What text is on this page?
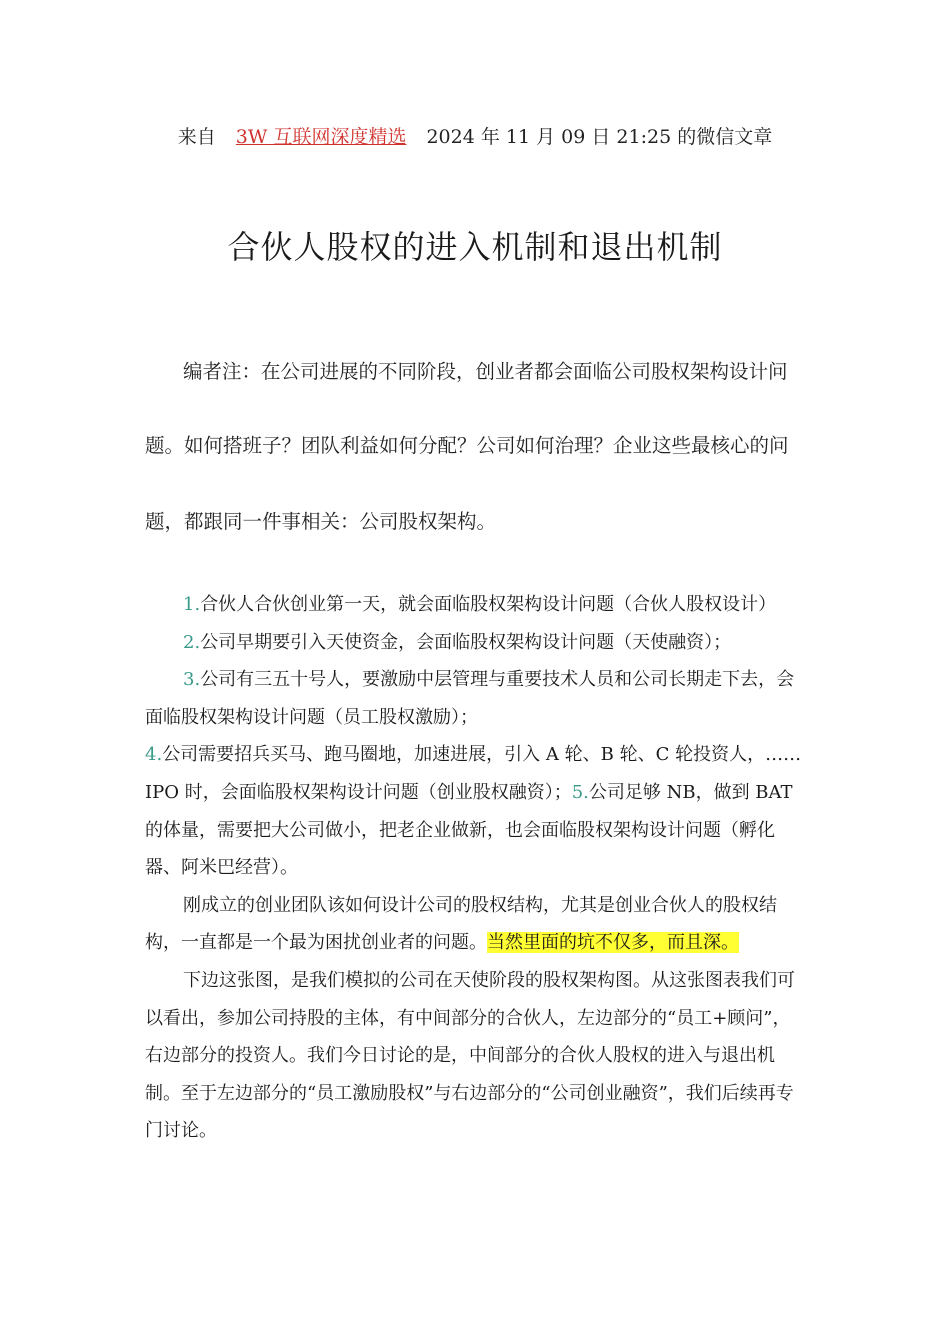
来自 3W 互联网深度精选 2024 年 11 月 09 日 21:25 的微信文章
合伙人股权的进入机制和退出机制
编者注：在公司进展的不同阶段，创业者都会面临公司股权架构设计问
题。如何搭班子？团队利益如何分配？公司如何治理？企业这些最核心的问
题，都跟同一件事相关：公司股权架构。

1.合伙人合伙创业第一天，就会面临股权架构设计问题（合伙人股权设计）

2.公司早期要引入天使资金，会面临股权架构设计问题（天使融资）；

3.公司有三五十号人，要激励中层管理与重要技术人员和公司长期走下去，会面临股权架构设计问题（员工股权激励）；

4.公司需要招兵买马、跑马圈地，加速进展，引入 A 轮、B 轮、C 轮投资人，……IPO 时，会面临股权架构设计问题（创业股权融资）；5.公司足够 NB，做到 BAT 的体量，需要把大公司做小，把老企业做新，也会面临股权架构设计问题（孵化器、阿米巴经营）。

刚成立的创业团队该如何设计公司的股权结构，尤其是创业合伙人的股权结构，一直都是一个最为困扰创业者的问题。当然里面的坑不仅多，而且深。

下边这张图，是我们模拟的公司在天使阶段的股权架构图。从这张图表我们可以看出，参加公司持股的主体，有中间部分的合伙人，左边部分的“员工+顾问”，右边部分的投资人。我们今日讨论的是，中间部分的合伙人股权的进入与退出机制。至于左边部分的“员工激励股权”与右边部分的“公司创业融资”，我们后续再专门讨论。
